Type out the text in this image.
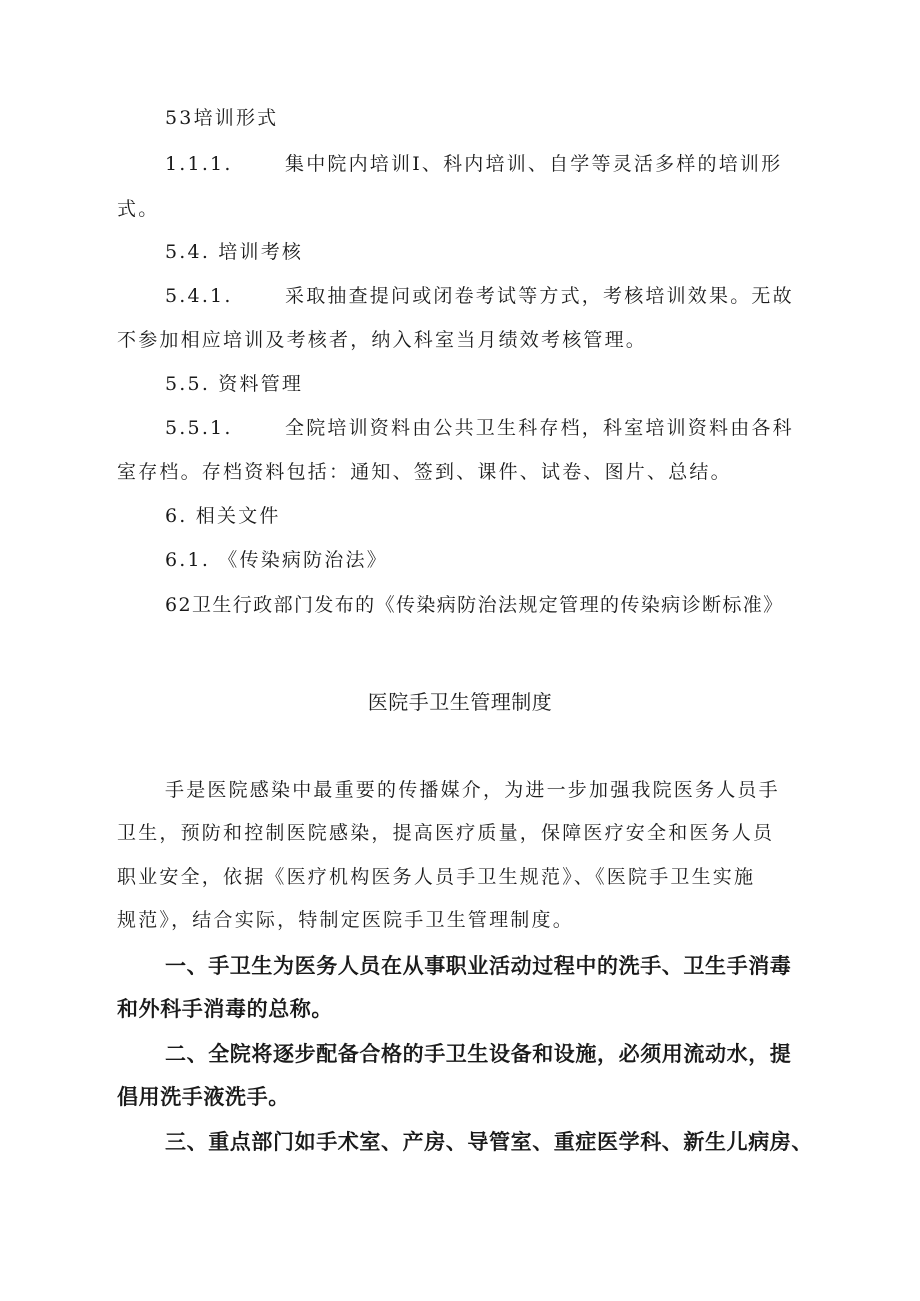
53培训形式
1.1.1.	集中院内培训I、科内培训、自学等灵活多样的培训形
式。
5.4. 培训考核
5.4.1.	采取抽查提问或闭卷考试等方式，考核培训效果。无故
不参加相应培训及考核者，纳入科室当月绩效考核管理。
5.5. 资料管理
5.5.1.	全院培训资料由公共卫生科存档，科室培训资料由各科
室存档。存档资料包括：通知、签到、课件、试卷、图片、总结。
6. 相关文件
6.1. 《传染病防治法》
62卫生行政部门发布的《传染病防治法规定管理的传染病诊断标准》
医院手卫生管理制度
手是医院感染中最重要的传播媒介，为进一步加强我院医务人员手
卫生，预防和控制医院感染，提高医疗质量，保障医疗安全和医务人员
职业安全，依据《医疗机构医务人员手卫生规范》、《医院手卫生实施
规范》，结合实际，特制定医院手卫生管理制度。
一、手卫生为医务人员在从事职业活动过程中的洗手、卫生手消毒
和外科手消毒的总称。
二、全院将逐步配备合格的手卫生设备和设施，必须用流动水，提
倡用洗手液洗手。
三、重点部门如手术室、产房、导管室、重症医学科、新生儿病房、
